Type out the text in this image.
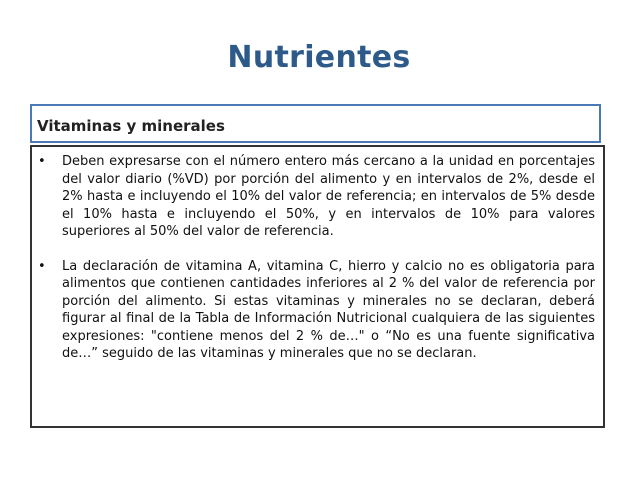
Nutrientes
Vitaminas y minerales
• Deben expresarse con el número entero más cercano a la unidad en porcentajes del valor diario (%VD) por porción del alimento y en intervalos de 2%, desde el 2% hasta e incluyendo el 10% del valor de referencia; en intervalos de 5% desde el 10% hasta e incluyendo el 50%, y en intervalos de 10% para valores superiores al 50% del valor de referencia.
• La declaración de vitamina A, vitamina C, hierro y calcio no es obligatoria para alimentos que contienen cantidades inferiores al 2 % del valor de referencia por porción del alimento. Si estas vitaminas y minerales no se declaran, deberá figurar al final de la Tabla de Información Nutricional cualquiera de las siguientes expresiones: "contiene menos del 2 % de…" o “No es una fuente significativa de…” seguido de las vitaminas y minerales que no se declaran.
